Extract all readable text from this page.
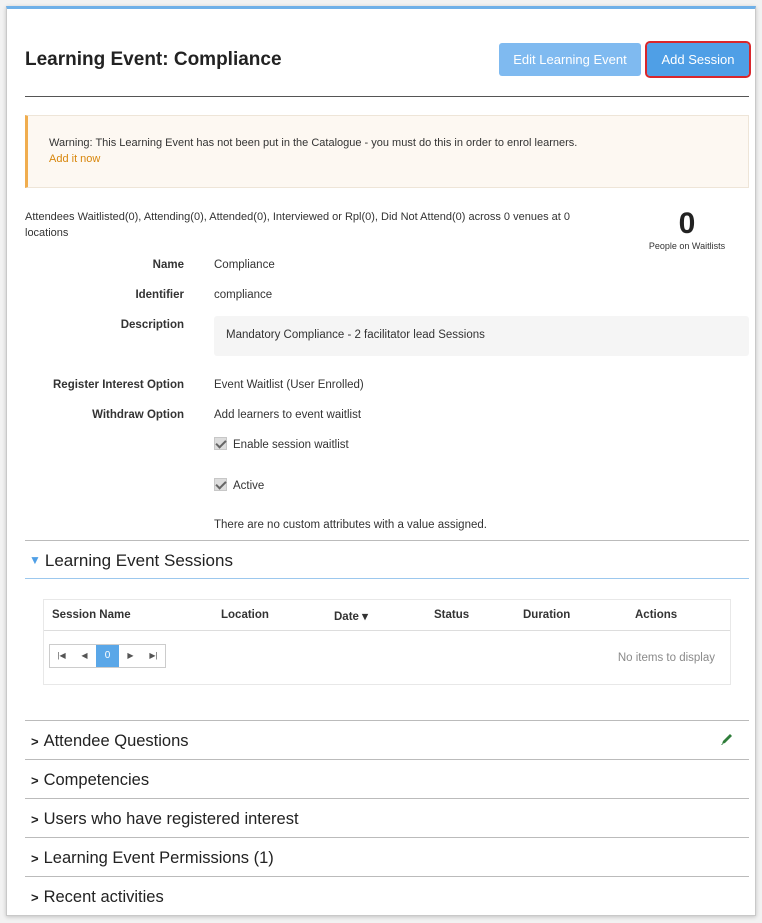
Learning Event: Compliance	Edit Learning Event	Add Session
Warning: This Learning Event has not been put in the Catalogue - you must do this in order to enrol learners.
Add it now
Attendees Waitlisted(0), Attending(0), Attended(0), Interviewed or Rpl(0), Did Not Attend(0) across 0 venues at 0 locations	0
People on Waitlists
Name	Compliance
Identifier	compliance
Description
Mandatory Compliance - 2 facilitator lead Sessions
Register Interest Option	Event Waitlist (User Enrolled)
Withdraw Option	Add learners to event waitlist
Enable session waitlist
Active
There are no custom attributes with a value assigned.
▼ Learning Event Sessions
Session Name	Location	Date ▾	Status	Duration	Actions
|◀	◀	0	▶	▶|	No items to display
> Attendee Questions
> Competencies
> Users who have registered interest
> Learning Event Permissions (1)
> Recent activities
